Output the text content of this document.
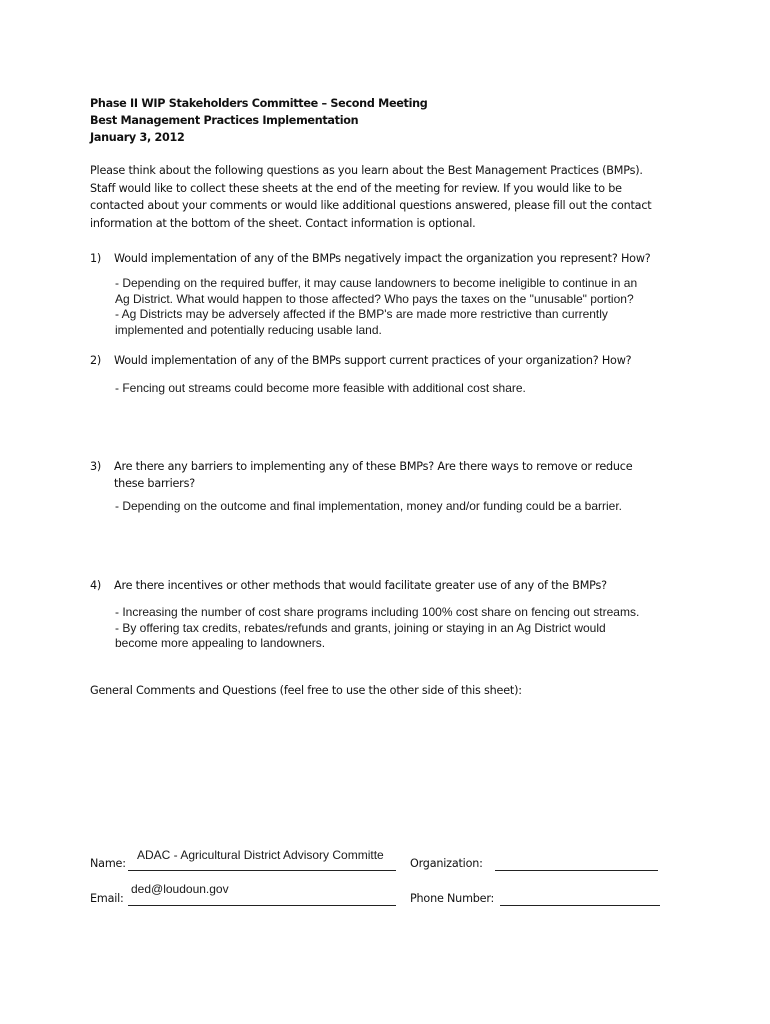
Phase II WIP Stakeholders Committee – Second Meeting
Best Management Practices Implementation
January 3, 2012
Please think about the following questions as you learn about the Best Management Practices (BMPs).
Staff would like to collect these sheets at the end of the meeting for review. If you would like to be
contacted about your comments or would like additional questions answered, please fill out the contact
information at the bottom of the sheet. Contact information is optional.
1) Would implementation of any of the BMPs negatively impact the organization you represent? How?
- Depending on the required buffer, it may cause landowners to become ineligible to continue in an
Ag District. What would happen to those affected? Who pays the taxes on the "unusable" portion?
- Ag Districts may be adversely affected if the BMP's are made more restrictive than currently
implemented and potentially reducing usable land.
2) Would implementation of any of the BMPs support current practices of your organization? How?
- Fencing out streams could become more feasible with additional cost share.
3) Are there any barriers to implementing any of these BMPs? Are there ways to remove or reduce
these barriers?
- Depending on the outcome and final implementation, money and/or funding could be a barrier.
4) Are there incentives or other methods that would facilitate greater use of any of the BMPs?
- Increasing the number of cost share programs including 100% cost share on fencing out streams.
- By offering tax credits, rebates/refunds and grants, joining or staying in an Ag District would
become more appealing to landowners.
General Comments and Questions (feel free to use the other side of this sheet):
ADAC - Agricultural District Advisory Committe
Name:	Organization:
ded@loudoun.gov
Email:	Phone Number:
